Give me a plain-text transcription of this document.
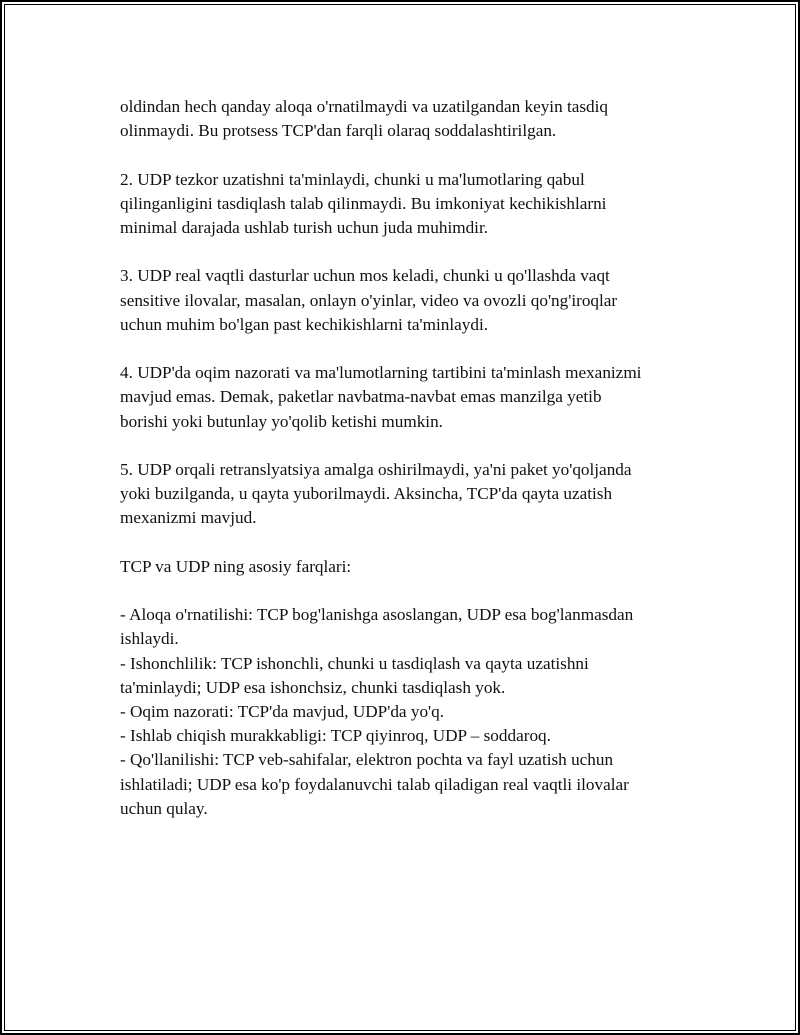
oldindan hech qanday aloqa o'rnatilmaydi va uzatilgandan keyin tasdiq
olinmaydi. Bu protsess TCP'dan farqli olaraq soddalashtirilgan.
2. UDP tezkor uzatishni ta'minlaydi, chunki u ma'lumotlaring qabul
qilinganligini tasdiqlash talab qilinmaydi. Bu imkoniyat kechikishlarni
minimal darajada ushlab turish uchun juda muhimdir.
3. UDP real vaqtli dasturlar uchun mos keladi, chunki u qo'llashda vaqt
sensitive ilovalar, masalan, onlayn o'yinlar, video va ovozli qo'ng'iroqlar
uchun muhim bo'lgan past kechikishlarni ta'minlaydi.
4. UDP'da oqim nazorati va ma'lumotlarning tartibini ta'minlash mexanizmi
mavjud emas. Demak, paketlar navbatma-navbat emas manzilga yetib
borishi yoki butunlay yo'qolib ketishi mumkin.
5. UDP orqali retranslyatsiya amalga oshirilmaydi, ya'ni paket yo'qoljanda
yoki buzilganda, u qayta yuborilmaydi. Aksincha, TCP'da qayta uzatish
mexanizmi mavjud.
TCP va UDP ning asosiy farqlari:
- Aloqa o'rnatilishi: TCP bog'lanishga asoslangan, UDP esa bog'lanmasdan
ishlaydi.
- Ishonchlilik: TCP ishonchli, chunki u tasdiqlash va qayta uzatishni
ta'minlaydi; UDP esa ishonchsiz, chunki tasdiqlash yok.
- Oqim nazorati: TCP'da mavjud, UDP'da yo'q.
- Ishlab chiqish murakkabligi: TCP qiyinroq, UDP – soddaroq.
- Qo'llanilishi: TCP veb-sahifalar, elektron pochta va fayl uzatish uchun
ishlatiladi; UDP esa ko'p foydalanuvchi talab qiladigan real vaqtli ilovalar
uchun qulay.
